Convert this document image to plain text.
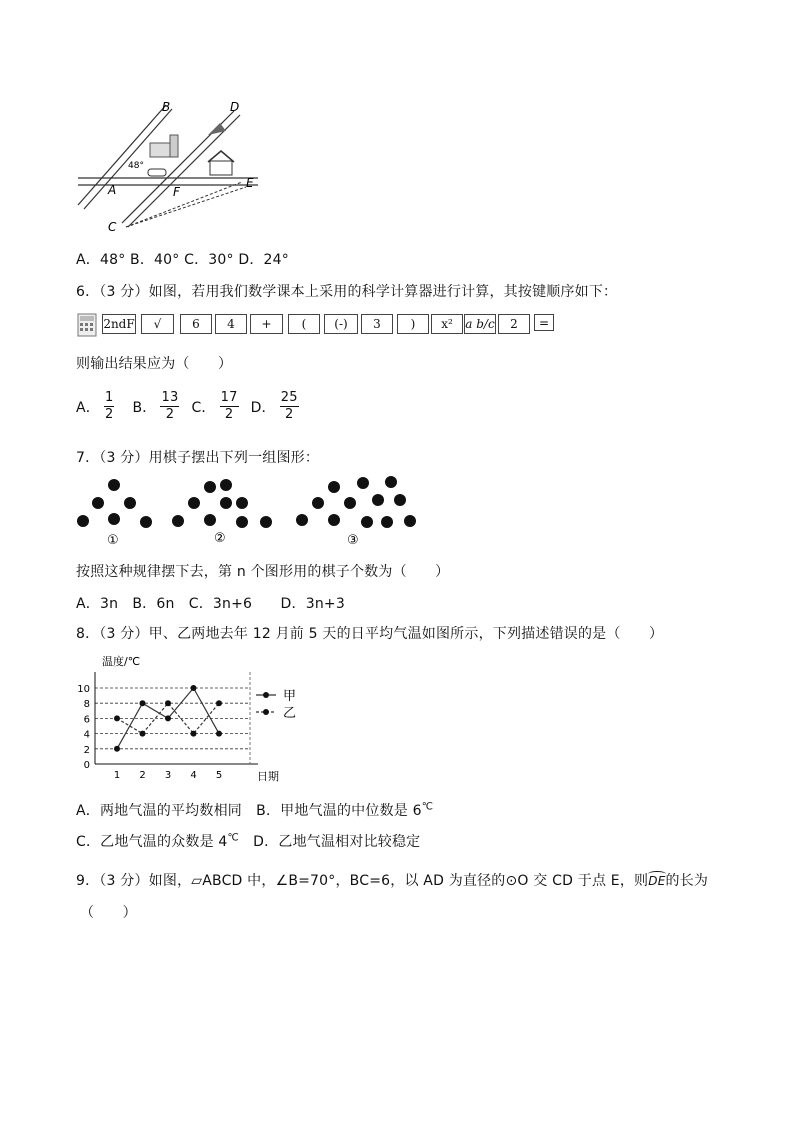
B	D
A
48°
F
E
C
A．48° B．40° C．30° D．24°
6．（3 分）如图，若用我们数学课本上采用的科学计算器进行计算，其按键顺序如下：
2ndF	√	6	4	+	(	(-)	3	)	x²	a b/c	2	=
则输出结果应为（　　）
A． $\frac{1}{2}$ B． $\frac{13}{2}$ C． $\frac{17}{2}$ D． $\frac{25}{2}$
7．（3 分）用棋子摆出下列一组图形：
①	②	③
按照这种规律摆下去，第 n 个图形用的棋子个数为（　　）
A．3n　B．6n　C．3n+6　　D．3n+3
8．（3 分）甲、乙两地去年 12 月前 5 天的日平均气温如图所示，下列描述错误的是（　　）
0
2
4
6
8
10
1 2 3 4 5
甲
乙
温度/℃
日期
A．两地气温的平均数相同　B．甲地气温的中位数是 6℃
C．乙地气温的众数是 4℃　D．乙地气温相对比较稳定
9．（3 分）如图，▱ABCD 中，∠B=70°，BC=6，以 AD 为直径的⊙O 交 CD 于点 E，则
DE的长为
（　　）
